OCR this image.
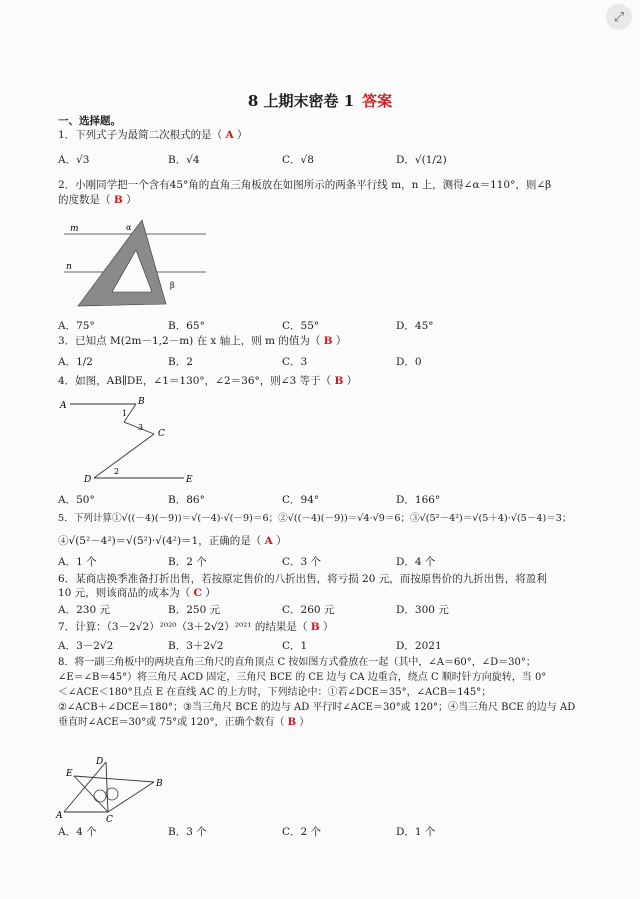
⤢
8 上期末密卷 1 答案
一、选择题。
1．下列式子为最简二次根式的是（ A ）
A．√3	B．√4	C．√8	D．√(1/2)
2．小刚同学把一个含有45°角的直角三角板放在如图所示的两条平行线 m，n 上，测得∠α＝110°，则∠β
的度数是（ B ）
m
n
α
β
A．75°	B．65°	C．55°	D．45°
3．已知点 M(2m－1,2－m) 在 x 轴上，则 m 的值为（ B ）
A．1/2	B．2	C．3	D．0
4．如图，AB∥DE，∠1＝130°，∠2＝36°，则∠3 等于（ B ）
A	B
C
D	E
1
2
3
A．50°	B．86°	C．94°	D．166°
5．下列计算①√((－4)(－9))＝√(－4)·√(－9)＝6；②√((－4)(－9))＝√4·√9＝6；③√(5²－4²)＝√(5＋4)·√(5－4)＝3；
④√(5²－4²)＝√(5²)·√(4²)＝1，正确的是（ A ）
A．1 个	B．2 个	C．3 个	D．4 个
6．某商店换季准备打折出售，若按原定售价的八折出售，将亏损 20 元，而按原售价的九折出售，将盈利
10 元，则该商品的成本为（ C ）
A．230 元	B．250 元	C．260 元	D．300 元
7．计算：（3－2√2）²⁰²⁰（3＋2√2）²⁰²¹ 的结果是（ B ）
A．3－2√2	B．3＋2√2	C．1	D．2021
8．将一副三角板中的两块直角三角尺的直角顶点 C 按如图方式叠放在一起（其中，∠A＝60°，∠D＝30°；
∠E＝∠B＝45°）将三角尺 ACD 固定，三角尺 BCE 的 CE 边与 CA 边重合，绕点 C 顺时针方向旋转，当 0°
＜∠ACE＜180°且点 E 在直线 AC 的上方时，下列结论中：①若∠DCE＝35°，∠ACB＝145°；
②∠ACB＋∠DCE＝180°；③当三角尺 BCE 的边与 AD 平行时∠ACE＝30°或 120°；④当三角尺 BCE 的边与 AD
垂直时∠ACE＝30°或 75°或 120°，正确个数有（ B ）
D
E
B
A	C
A．4 个	B．3 个	C．2 个	D．1 个
